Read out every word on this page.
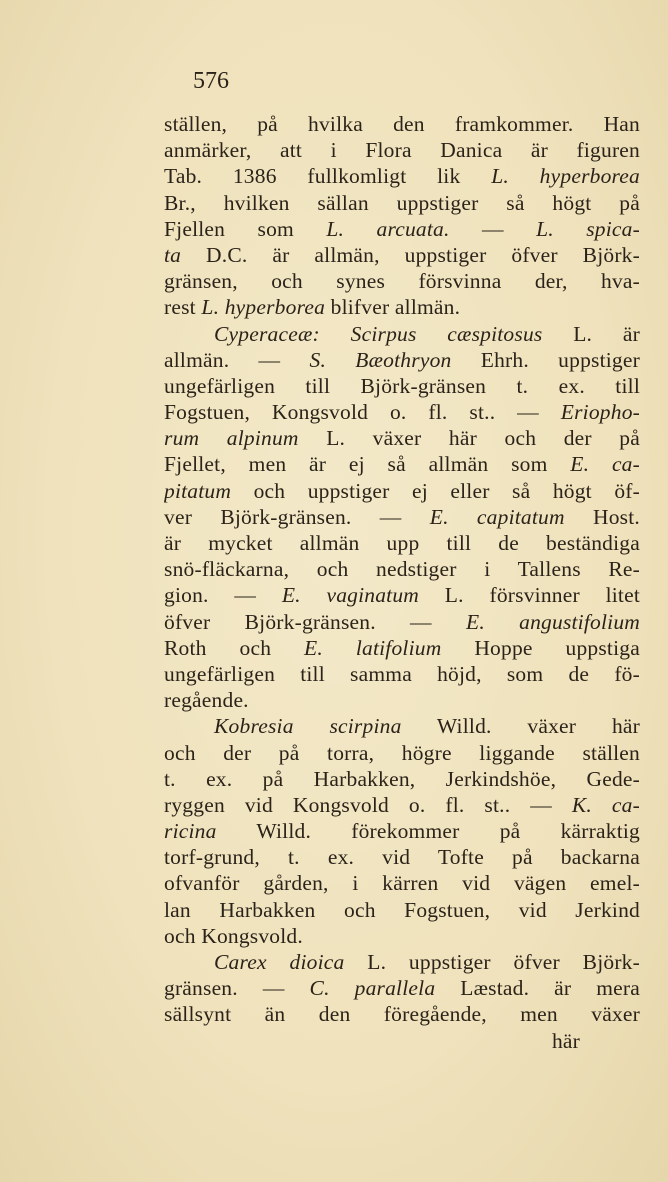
576
ställen, på hvilka den framkommer. Han
anmärker, att i Flora Danica är figuren
Tab. 1386 fullkomligt lik L. hyperborea
Br., hvilken sällan uppstiger så högt på
Fjellen som L. arcuata. — L. spica-
ta D.C. är allmän, uppstiger öfver Björk-
gränsen, och synes försvinna der, hva-
rest L. hyperborea blifver allmän.
Cyperaceæ: Scirpus cæspitosus L. är
allmän. — S. Bæothryon Ehrh. uppstiger
ungefärligen till Björk-gränsen t. ex. till
Fogstuen, Kongsvold o. fl. st.. — Eriopho-
rum alpinum L. växer här och der på
Fjellet, men är ej så allmän som E. ca-
pitatum och uppstiger ej eller så högt öf-
ver Björk-gränsen. — E. capitatum Host.
är mycket allmän upp till de beständiga
snö-fläckarna, och nedstiger i Tallens Re-
gion. — E. vaginatum L. försvinner litet
öfver Björk-gränsen. — E. angustifolium
Roth och E. latifolium Hoppe uppstiga
ungefärligen till samma höjd, som de fö-
regående.
Kobresia scirpina Willd. växer här
och der på torra, högre liggande ställen
t. ex. på Harbakken, Jerkindshöe, Gede-
ryggen vid Kongsvold o. fl. st.. — K. ca-
ricina Willd. förekommer på kärraktig
torf-grund, t. ex. vid Tofte på backarna
ofvanför gården, i kärren vid vägen emel-
lan Harbakken och Fogstuen, vid Jerkind
och Kongsvold.
Carex dioica L. uppstiger öfver Björk-
gränsen. — C. parallela Læstad. är mera
sällsynt än den föregående, men växer
här
